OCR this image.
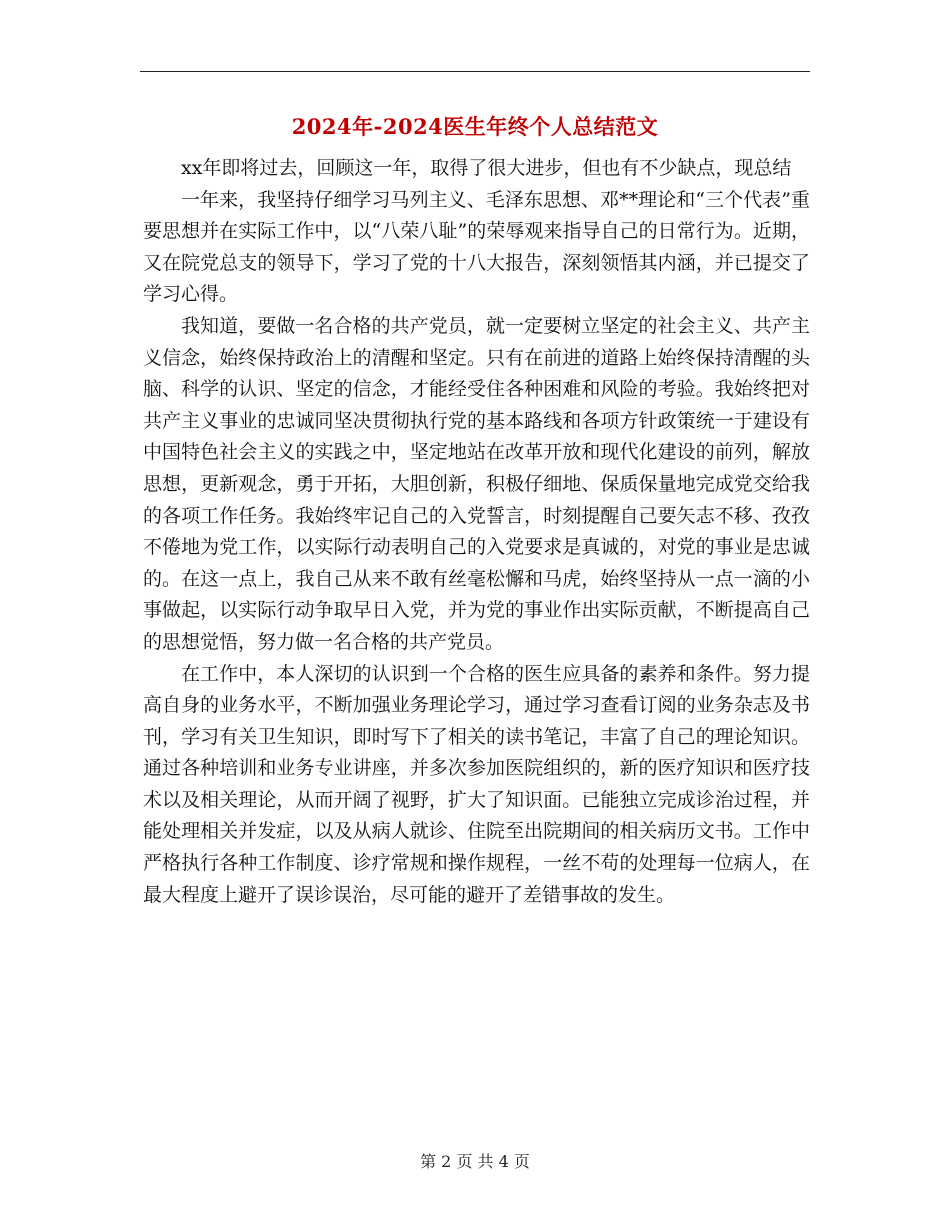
2024年-2024医生年终个人总结范文

xx年即将过去，回顾这一年，取得了很大进步，但也有不少缺点，现总结

一年来，我坚持仔细学习马列主义、毛泽东思想、邓**理论和“三个代表”重要思想并在实际工作中，以“八荣八耻”的荣辱观来指导自己的日常行为。近期，又在院党总支的领导下，学习了党的十八大报告，深刻领悟其内涵，并已提交了学习心得。

我知道，要做一名合格的共产党员，就一定要树立坚定的社会主义、共产主义信念，始终保持政治上的清醒和坚定。只有在前进的道路上始终保持清醒的头脑、科学的认识、坚定的信念，才能经受住各种困难和风险的考验。我始终把对共产主义事业的忠诚同坚决贯彻执行党的基本路线和各项方针政策统一于建设有中国特色社会主义的实践之中，坚定地站在改革开放和现代化建设的前列，解放思想，更新观念，勇于开拓，大胆创新，积极仔细地、保质保量地完成党交给我的各项工作任务。我始终牢记自己的入党誓言，时刻提醒自己要矢志不移、孜孜不倦地为党工作，以实际行动表明自己的入党要求是真诚的，对党的事业是忠诚的。在这一点上，我自己从来不敢有丝毫松懈和马虎，始终坚持从一点一滴的小事做起，以实际行动争取早日入党，并为党的事业作出实际贡献，不断提高自己的思想觉悟，努力做一名合格的共产党员。

在工作中，本人深切的认识到一个合格的医生应具备的素养和条件。努力提高自身的业务水平，不断加强业务理论学习，通过学习查看订阅的业务杂志及书刊，学习有关卫生知识，即时写下了相关的读书笔记，丰富了自己的理论知识。通过各种培训和业务专业讲座，并多次参加医院组织的，新的医疗知识和医疗技术以及相关理论，从而开阔了视野，扩大了知识面。已能独立完成诊治过程，并能处理相关并发症，以及从病人就诊、住院至出院期间的相关病历文书。工作中严格执行各种工作制度、诊疗常规和操作规程，一丝不苟的处理每一位病人，在最大程度上避开了误诊误治，尽可能的避开了差错事故的发生。

第 2 页 共 4 页
